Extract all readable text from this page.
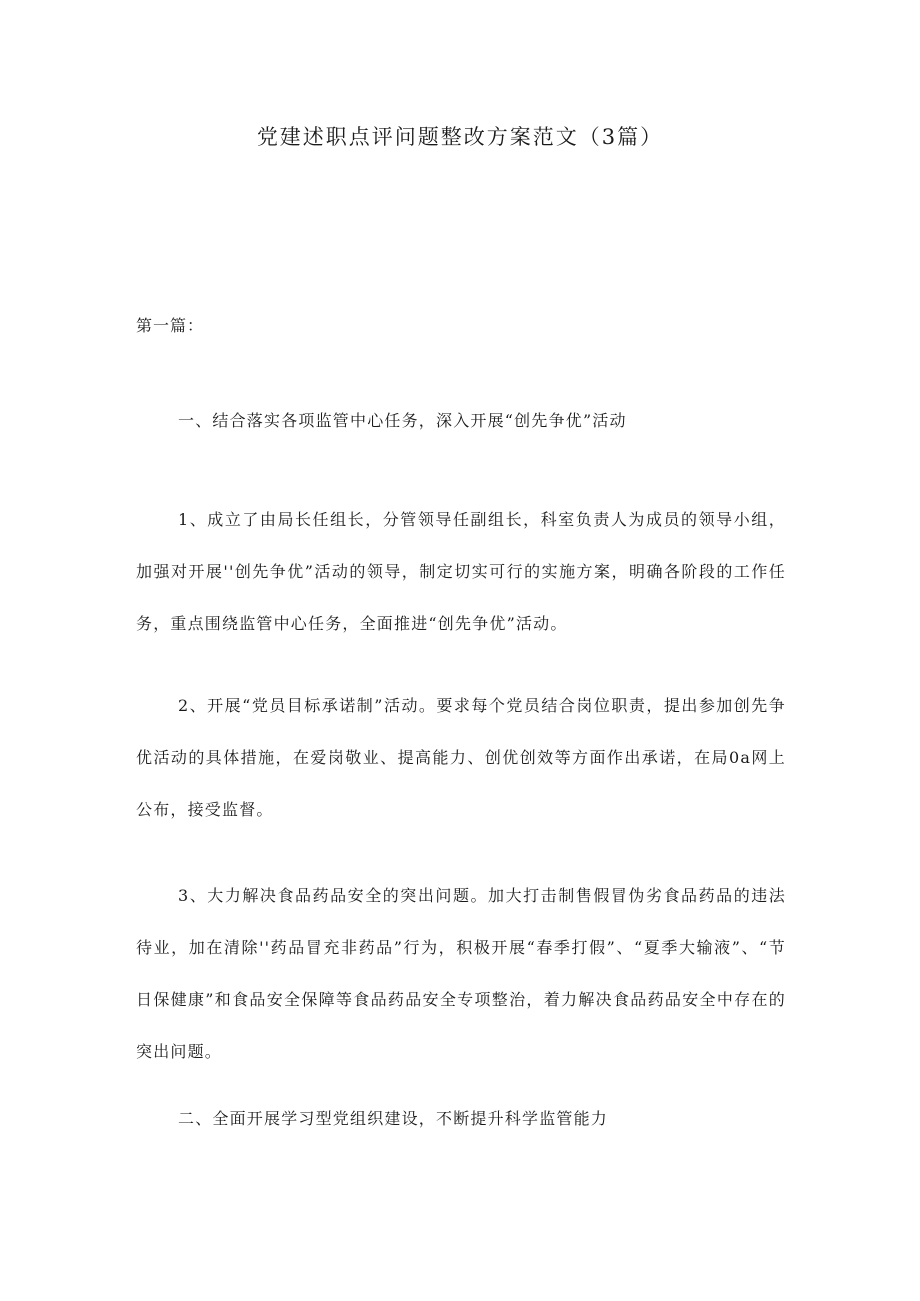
党建述职点评问题整改方案范文（3篇）
第一篇：
一、结合落实各项监管中心任务，深入开展“创先争优”活动
1、成立了由局长任组长，分管领导任副组长，科室负责人为成员的领导小组，加强对开展''创先争优”活动的领导，制定切实可行的实施方案，明确各阶段的工作任务，重点围绕监管中心任务，全面推进“创先争优”活动。
2、开展“党员目标承诺制”活动。要求每个党员结合岗位职责，提出参加创先争优活动的具体措施，在爱岗敬业、提高能力、创优创效等方面作出承诺，在局0a网上公布，接受监督。
3、大力解决食品药品安全的突出问题。加大打击制售假冒伪劣食品药品的违法待业，加在清除''药品冒充非药品”行为，积极开展“春季打假”、“夏季大输液”、“节日保健康”和食品安全保障等食品药品安全专项整治，着力解决食品药品安全中存在的突出问题。
二、全面开展学习型党组织建设，不断提升科学监管能力
